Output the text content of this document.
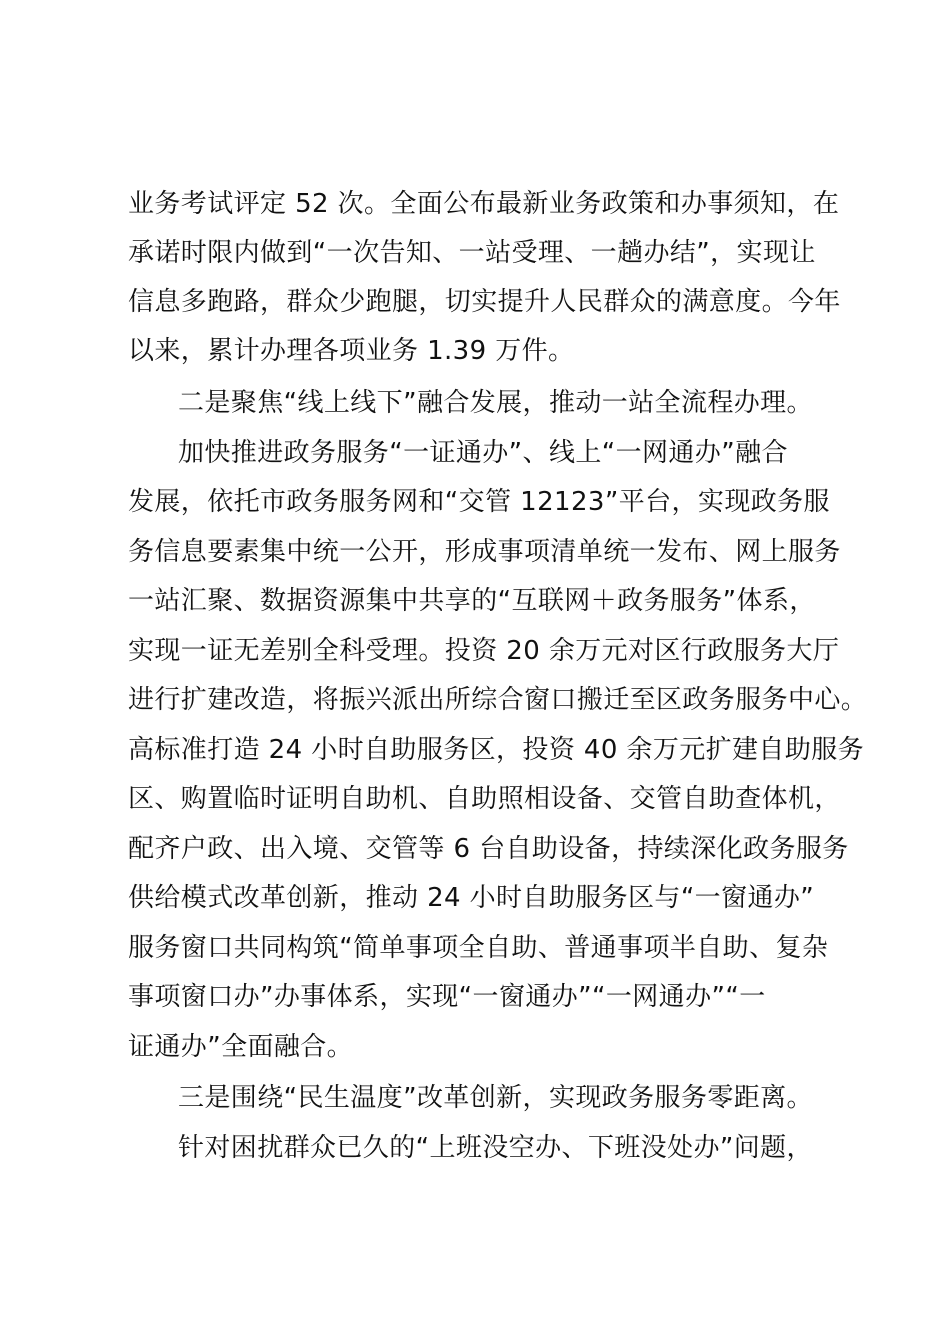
业务考试评定 52 次。全面公布最新业务政策和办事须知，在
承诺时限内做到“一次告知、一站受理、一趟办结”，实现让
信息多跑路，群众少跑腿，切实提升人民群众的满意度。今年
以来，累计办理各项业务 1.39 万件。
二是聚焦“线上线下”融合发展，推动一站全流程办理。
加快推进政务服务“一证通办”、线上“一网通办”融合
发展，依托市政务服务网和“交管 12123”平台，实现政务服
务信息要素集中统一公开，形成事项清单统一发布、网上服务
一站汇聚、数据资源集中共享的“互联网＋政务服务”体系，
实现一证无差别全科受理。投资 20 余万元对区行政服务大厅
进行扩建改造，将振兴派出所综合窗口搬迁至区政务服务中心。
高标准打造 24 小时自助服务区，投资 40 余万元扩建自助服务
区、购置临时证明自助机、自助照相设备、交管自助查体机，
配齐户政、出入境、交管等 6 台自助设备，持续深化政务服务
供给模式改革创新，推动 24 小时自助服务区与“一窗通办”
服务窗口共同构筑“简单事项全自助、普通事项半自助、复杂
事项窗口办”办事体系，实现“一窗通办”“一网通办”“一
证通办”全面融合。
三是围绕“民生温度”改革创新，实现政务服务零距离。
针对困扰群众已久的“上班没空办、下班没处办”问题，
